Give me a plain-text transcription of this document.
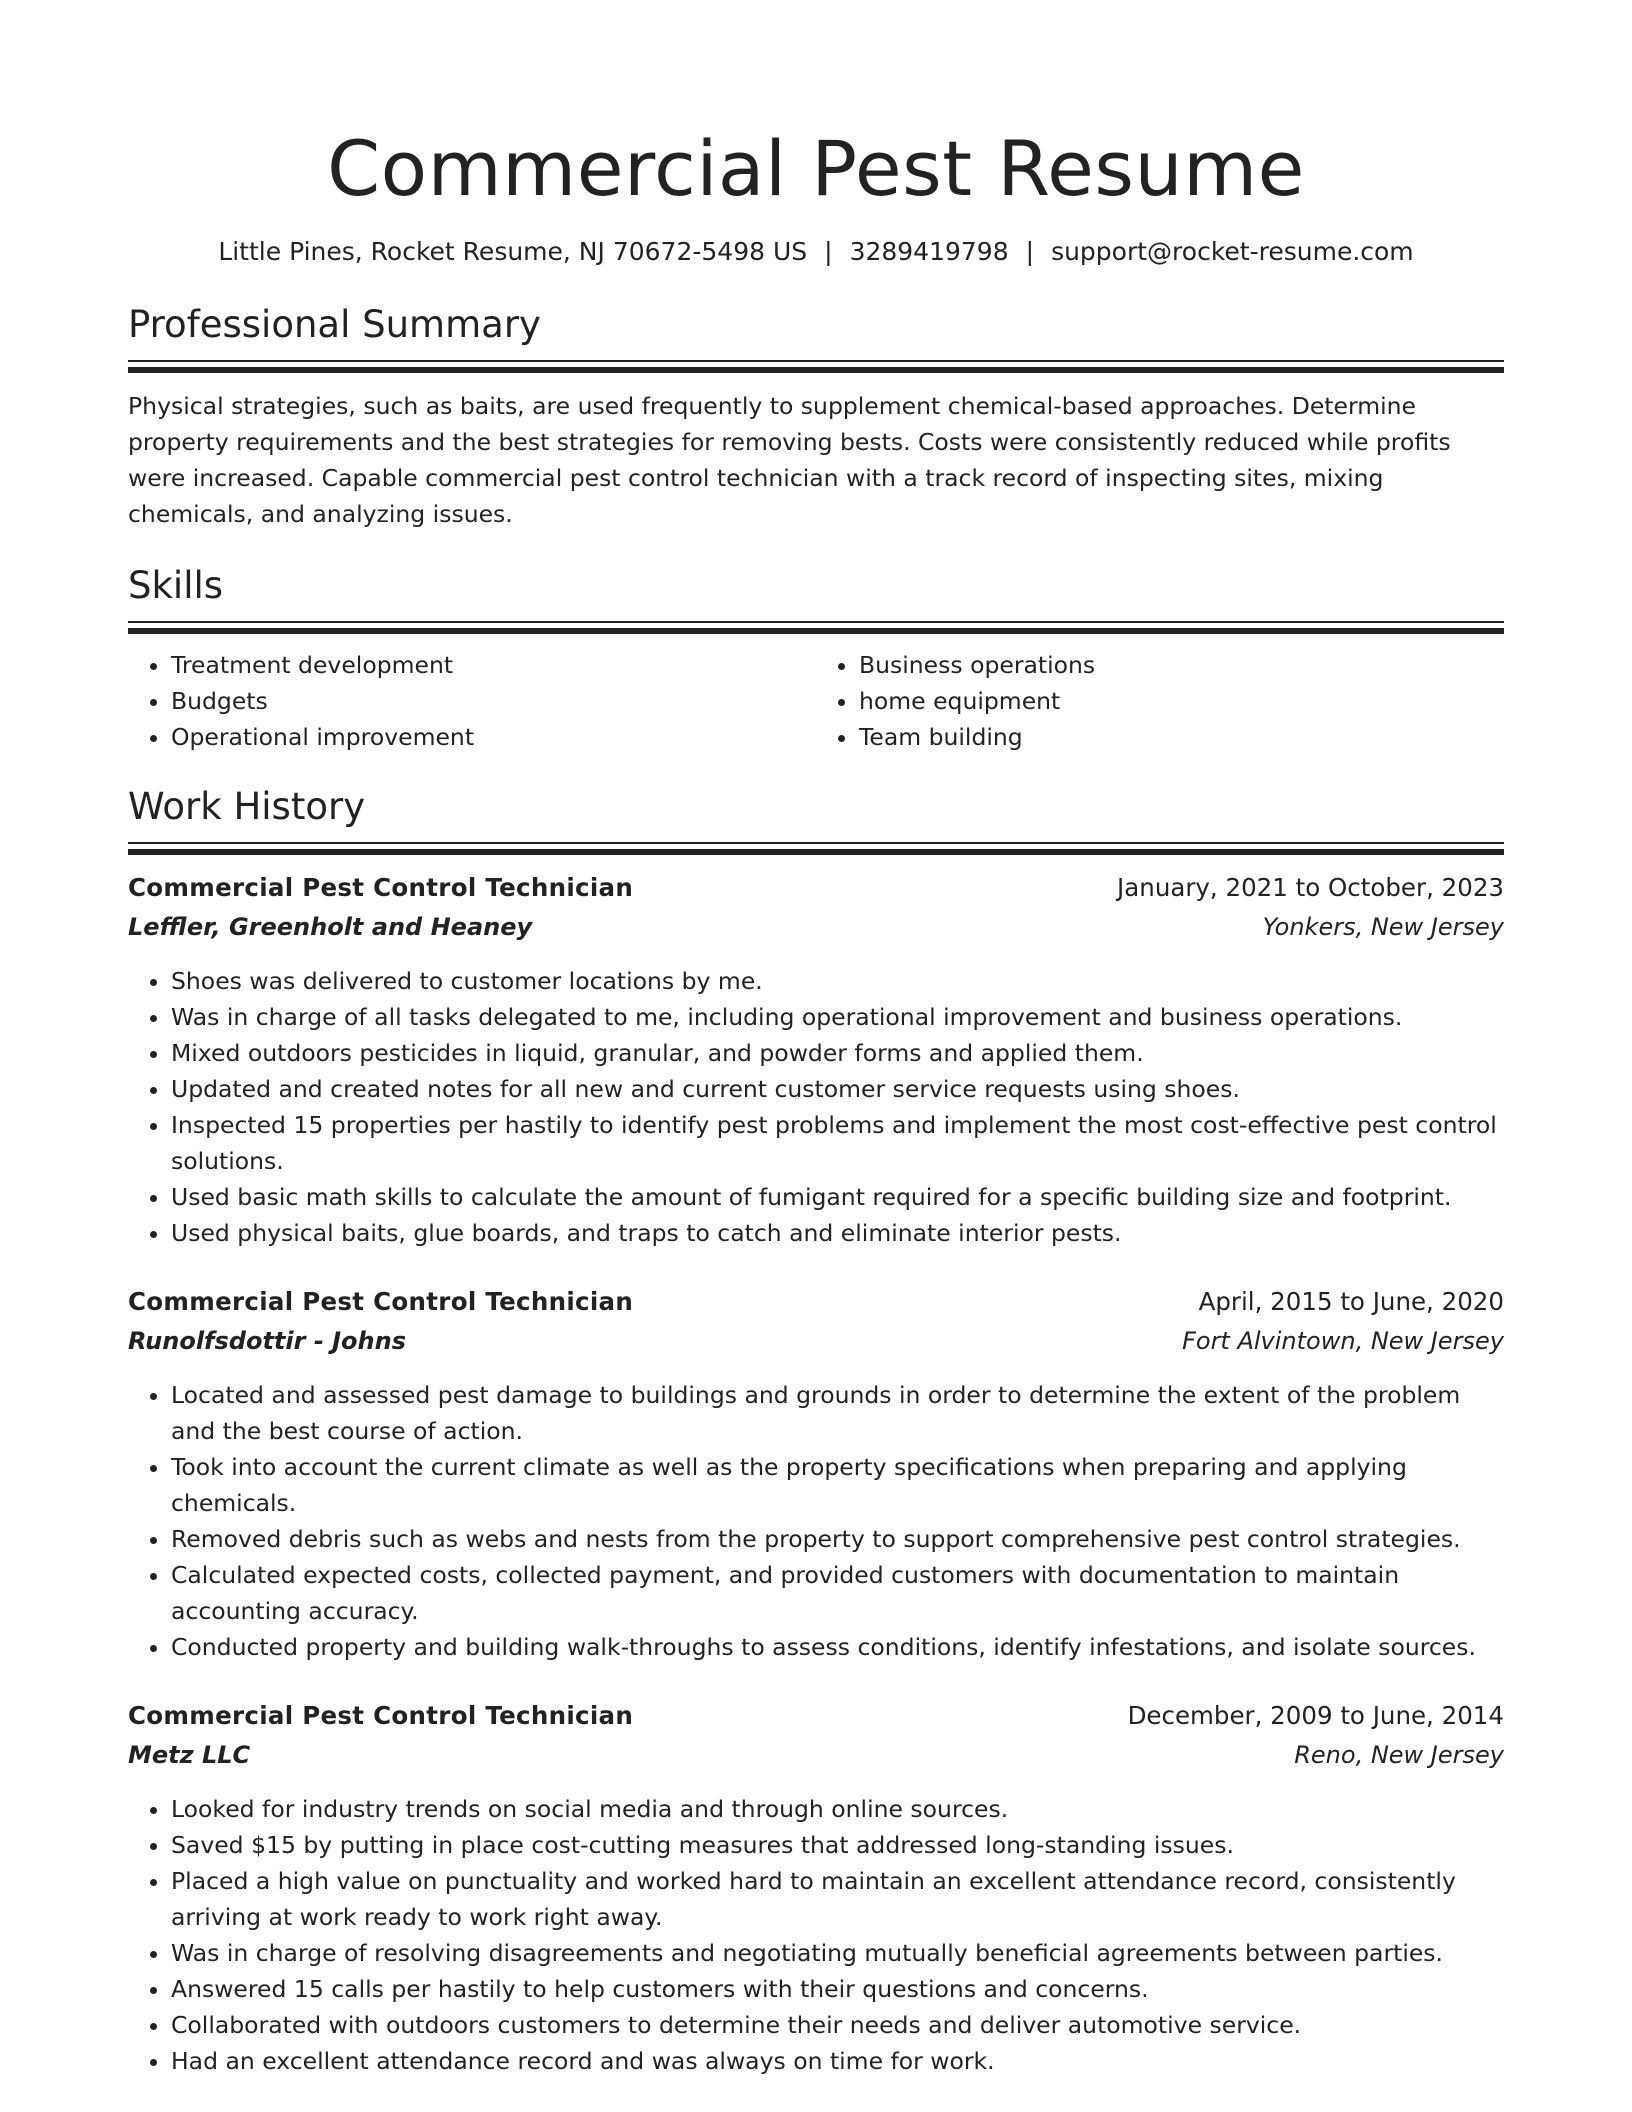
Commercial Pest Resume
Little Pines, Rocket Resume, NJ 70672-5498 US | 3289419798 | support@rocket-resume.com
Professional Summary
Physical strategies, such as baits, are used frequently to supplement chemical-based approaches. Determine property requirements and the best strategies for removing bests. Costs were consistently reduced while profits were increased. Capable commercial pest control technician with a track record of inspecting sites, mixing chemicals, and analyzing issues.
Skills
• Treatment development
• Budgets
• Operational improvement
• Business operations
• home equipment
• Team building
Work History
Commercial Pest Control Technician	January, 2021 to October, 2023
Leffler, Greenholt and Heaney	Yonkers, New Jersey
• Shoes was delivered to customer locations by me.
• Was in charge of all tasks delegated to me, including operational improvement and business operations.
• Mixed outdoors pesticides in liquid, granular, and powder forms and applied them.
• Updated and created notes for all new and current customer service requests using shoes.
• Inspected 15 properties per hastily to identify pest problems and implement the most cost-effective pest control solutions.
• Used basic math skills to calculate the amount of fumigant required for a specific building size and footprint.
• Used physical baits, glue boards, and traps to catch and eliminate interior pests.
Commercial Pest Control Technician	April, 2015 to June, 2020
Runolfsdottir - Johns	Fort Alvintown, New Jersey
• Located and assessed pest damage to buildings and grounds in order to determine the extent of the problem and the best course of action.
• Took into account the current climate as well as the property specifications when preparing and applying chemicals.
• Removed debris such as webs and nests from the property to support comprehensive pest control strategies.
• Calculated expected costs, collected payment, and provided customers with documentation to maintain accounting accuracy.
• Conducted property and building walk-throughs to assess conditions, identify infestations, and isolate sources.
Commercial Pest Control Technician	December, 2009 to June, 2014
Metz LLC	Reno, New Jersey
• Looked for industry trends on social media and through online sources.
• Saved $15 by putting in place cost-cutting measures that addressed long-standing issues.
• Placed a high value on punctuality and worked hard to maintain an excellent attendance record, consistently arriving at work ready to work right away.
• Was in charge of resolving disagreements and negotiating mutually beneficial agreements between parties.
• Answered 15 calls per hastily to help customers with their questions and concerns.
• Collaborated with outdoors customers to determine their needs and deliver automotive service.
• Had an excellent attendance record and was always on time for work.
